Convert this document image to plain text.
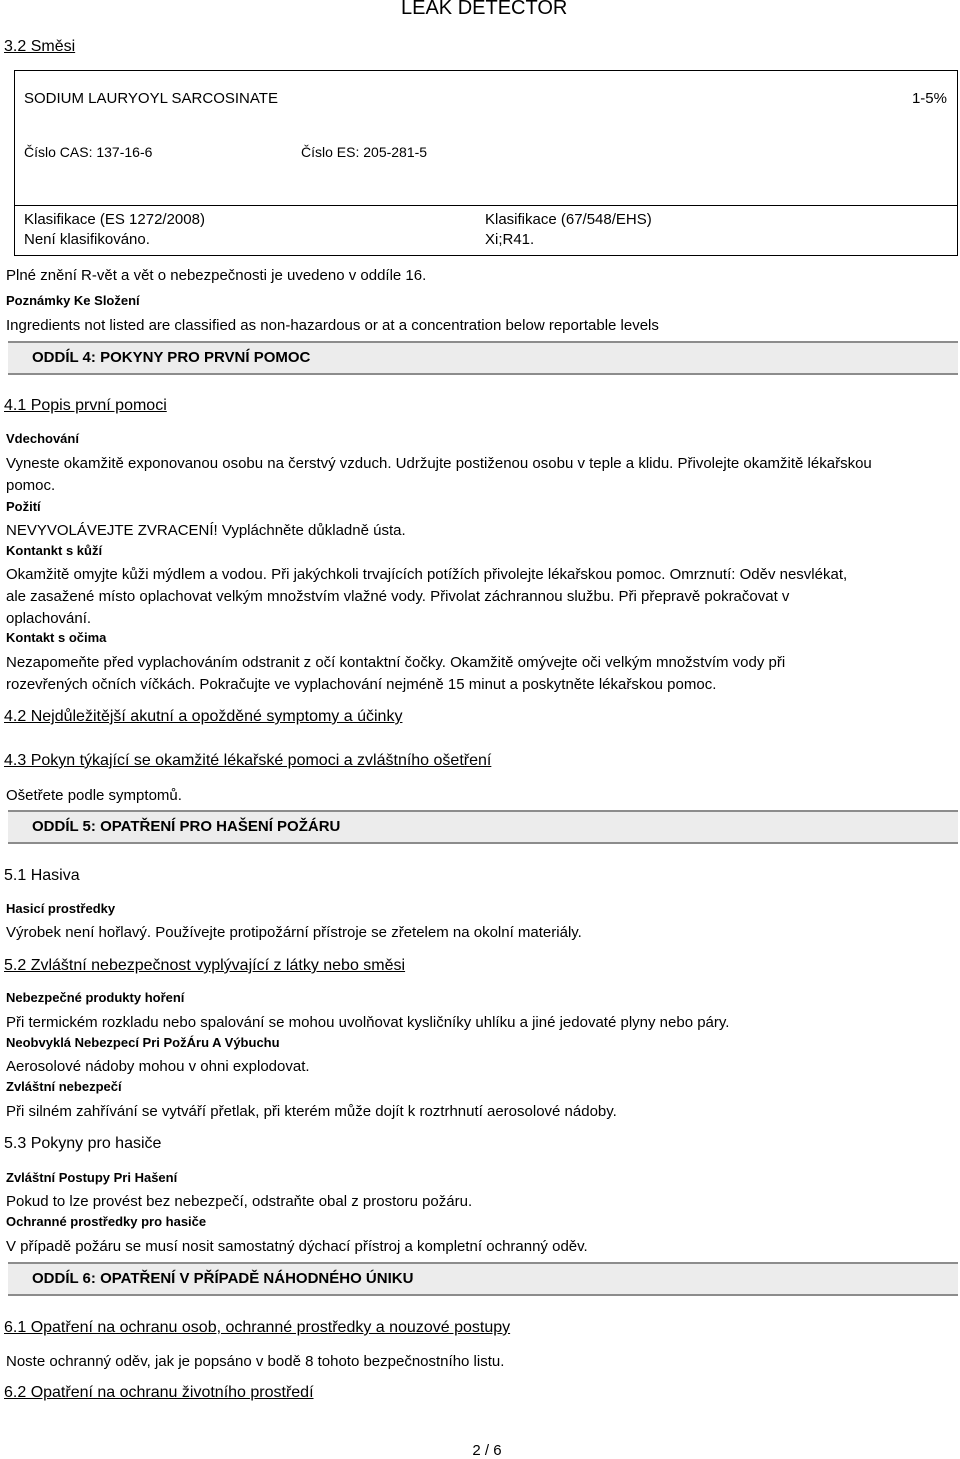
LEAK DETECTOR
3.2 Směsi
SODIUM LAURYOYL SARCOSINATE	1-5%
Číslo CAS: 137-16-6	Číslo ES: 205-281-5
Klasifikace (ES 1272/2008)
Není klasifikováno.
Klasifikace (67/548/EHS)
Xi;R41.
Plné znění R-vět a vět o nebezpečnosti je uvedeno v oddíle 16.
Poznámky Ke Složení
Ingredients not listed are classified as non-hazardous or at a concentration below reportable levels
ODDÍL 4: POKYNY PRO PRVNÍ POMOC
4.1 Popis první pomoci
Vdechování
Vyneste okamžitě exponovanou osobu na čerstvý vzduch. Udržujte postiženou osobu v teple a klidu. Přivolejte okamžitě lékařskou pomoc.
Požití
NEVYVOLÁVEJTE ZVRACENÍ! Vypláchněte důkladně ústa.
Kontankt s kůží
Okamžitě omyjte kůži mýdlem a vodou. Při jakýchkoli trvajících potížích přivolejte lékařskou pomoc. Omrznutí: Oděv nesvlékat, ale zasažené místo oplachovat velkým množstvím vlažné vody. Přivolat záchrannou službu. Při přepravě pokračovat v oplachování.
Kontakt s očima
Nezapomeňte před vyplachováním odstranit z očí kontaktní čočky. Okamžitě omývejte oči velkým množstvím vody při rozevřených očních víčkách. Pokračujte ve vyplachování nejméně 15 minut a poskytněte lékařskou pomoc.
4.2 Nejdůležitější akutní a opožděné symptomy a účinky
4.3 Pokyn týkající se okamžité lékařské pomoci a zvláštního ošetření
Ošetřete podle symptomů.
ODDÍL 5: OPATŘENÍ PRO HAŠENÍ POŽÁRU
5.1 Hasiva
Hasicí prostředky
Výrobek není hořlavý. Používejte protipožární přístroje se zřetelem na okolní materiály.
5.2 Zvláštní nebezpečnost vyplývající z látky nebo směsi
Nebezpečné produkty hoření
Při termickém rozkladu nebo spalování se mohou uvolňovat kysličníky uhlíku a jiné jedovaté plyny nebo páry.
Neobvyklá Nebezpecí Pri PožÁru A Výbuchu
Aerosolové nádoby mohou v ohni explodovat.
Zvláštní nebezpečí
Při silném zahřívání se vytváří přetlak, při kterém může dojít k roztrhnutí aerosolové nádoby.
5.3 Pokyny pro hasiče
Zvláštní Postupy Pri Hašení
Pokud to lze provést bez nebezpečí, odstraňte obal z prostoru požáru.
Ochranné prostředky pro hasiče
V případě požáru se musí nosit samostatný dýchací přístroj a kompletní ochranný oděv.
ODDÍL 6: OPATŘENÍ V PŘÍPADĚ NÁHODNÉHO ÚNIKU
6.1 Opatření na ochranu osob, ochranné prostředky a nouzové postupy
Noste ochranný oděv, jak je popsáno v bodě 8 tohoto bezpečnostního listu.
6.2 Opatření na ochranu životního prostředí
2 / 6
